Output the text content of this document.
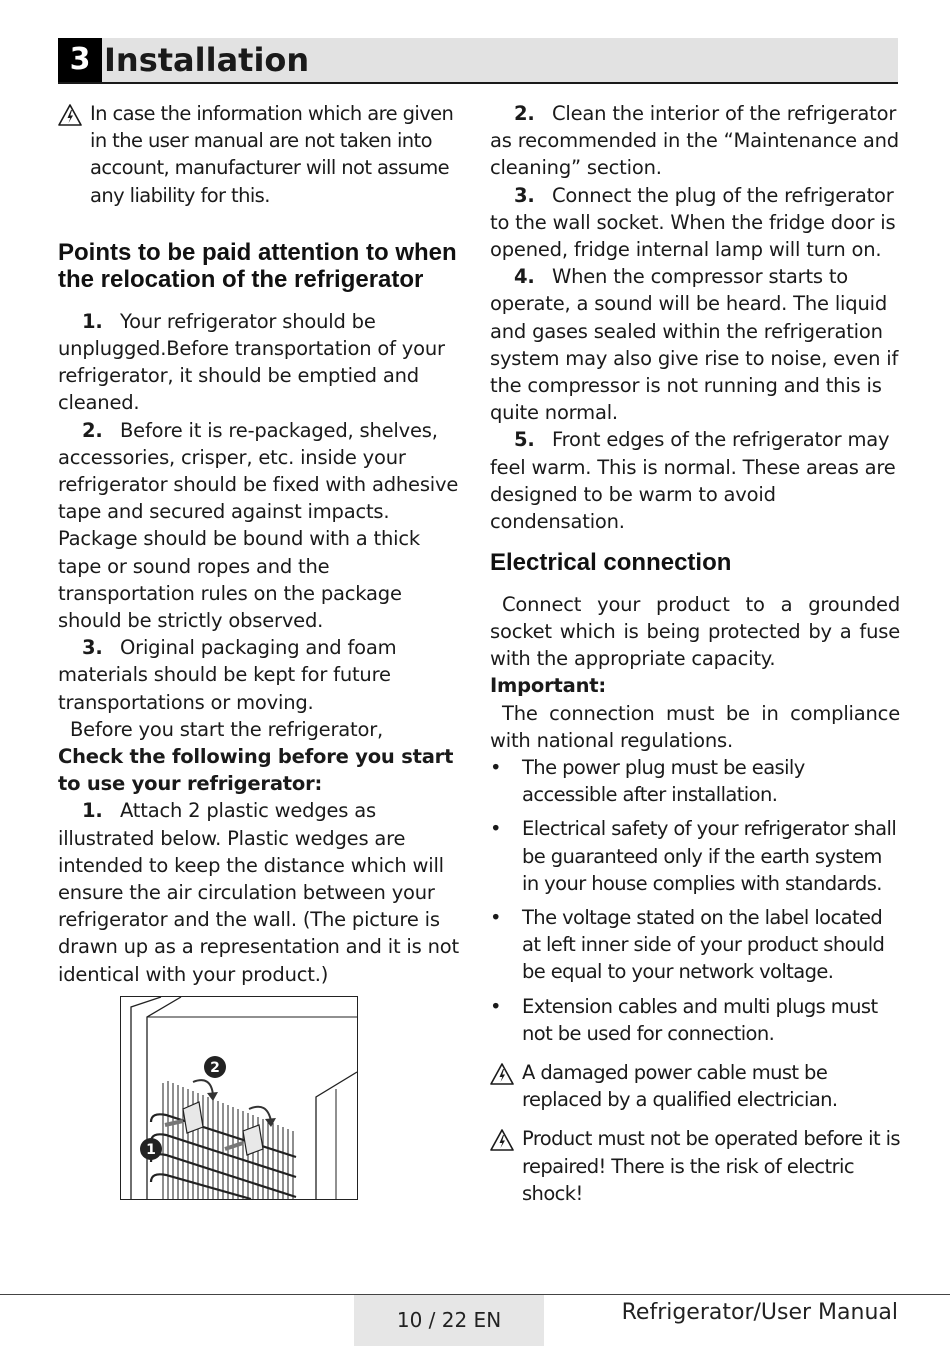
3 Installation

In case the information which are given in the user manual are not taken into account, manufacturer will not assume any liability for this.

Points to be paid attention to when the relocation of the refrigerator

1. Your refrigerator should be unplugged.Before transportation of your refrigerator, it should be emptied and cleaned.

2. Before it is re-packaged, shelves, accessories, crisper, etc. inside your refrigerator should be fixed with adhesive tape and secured against impacts. Package should be bound with a thick tape or sound ropes and the transportation rules on the package should be strictly observed.

3. Original packaging and foam materials should be kept for future transportations or moving.

Before you start the refrigerator,

Check the following before you start to use your refrigerator:

1. Attach 2 plastic wedges as illustrated below. Plastic wedges are intended to keep the distance which will ensure the air circulation between your refrigerator and the wall. (The picture is drawn up as a representation and it is not identical with your product.)

2
1

2. Clean the interior of the refrigerator as recommended in the “Maintenance and cleaning” section.

3. Connect the plug of the refrigerator to the wall socket. When the fridge door is opened, fridge internal lamp will turn on.

4. When the compressor starts to operate, a sound will be heard. The liquid and gases sealed within the refrigeration system may also give rise to noise, even if the compressor is not running and this is quite normal.

5. Front edges of the refrigerator may feel warm. This is normal. These areas are designed to be warm to avoid condensation.

Electrical connection

Connect your product to a grounded socket which is being protected by a fuse with the appropriate capacity.

Important:

The connection must be in compliance with national regulations.

• The power plug must be easily accessible after installation.
• Electrical safety of your refrigerator shall be guaranteed only if the earth system in your house complies with standards.
• The voltage stated on the label located at left inner side of your product should be equal to your network voltage.
• Extension cables and multi plugs must not be used for connection.

A damaged power cable must be replaced by a qualified electrician.

Product must not be operated before it is repaired! There is the risk of electric shock!

10 / 22 EN	Refrigerator/User Manual
